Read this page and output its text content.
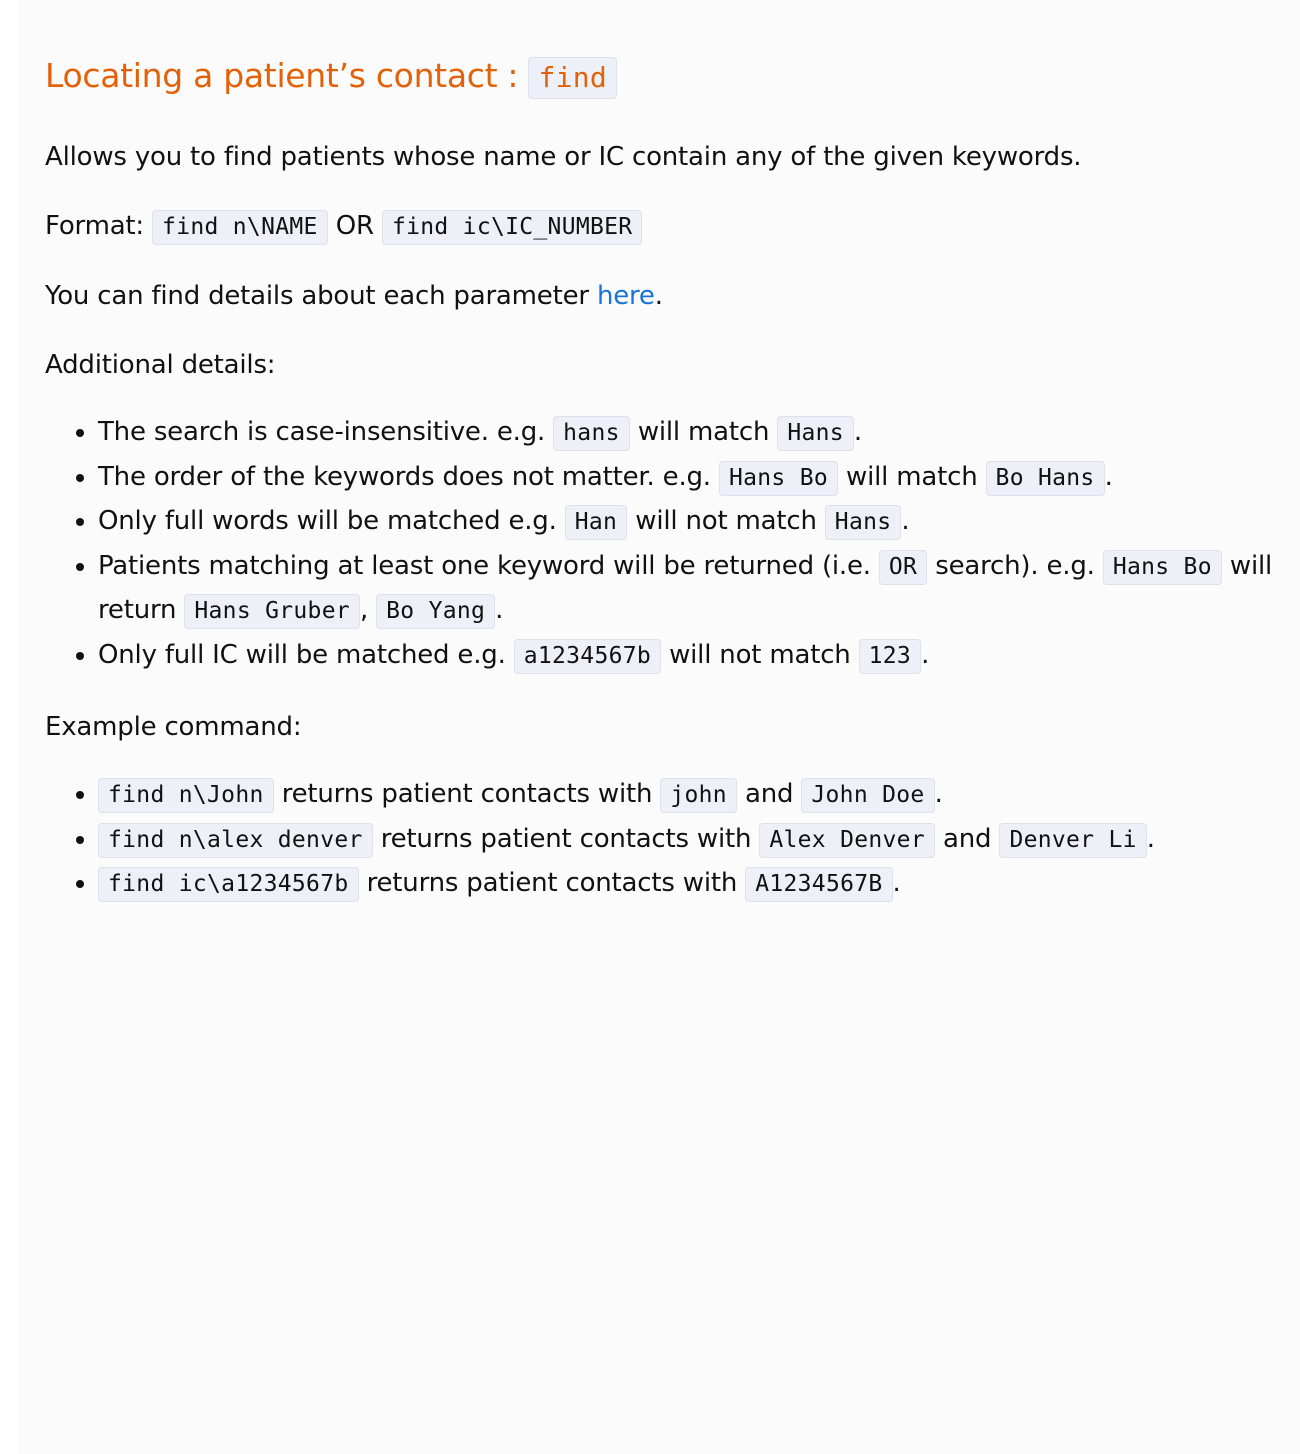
Locating a patient’s contact : find

Allows you to find patients whose name or IC contain any of the given keywords.

Format: find n\NAME OR find ic\IC_NUMBER

You can find details about each parameter here.

Additional details:

• The search is case-insensitive. e.g. hans will match Hans .
• The order of the keywords does not matter. e.g. Hans Bo will match Bo Hans .
• Only full words will be matched e.g. Han will not match Hans .
• Patients matching at least one keyword will be returned (i.e. OR search). e.g. Hans Bo will return Hans Gruber , Bo Yang .
• Only full IC will be matched e.g. a1234567b will not match 123 .

Example command:

• find n\John returns patient contacts with john and John Doe .
• find n\alex denver returns patient contacts with Alex Denver and Denver Li .
• find ic\a1234567b returns patient contacts with A1234567B .
